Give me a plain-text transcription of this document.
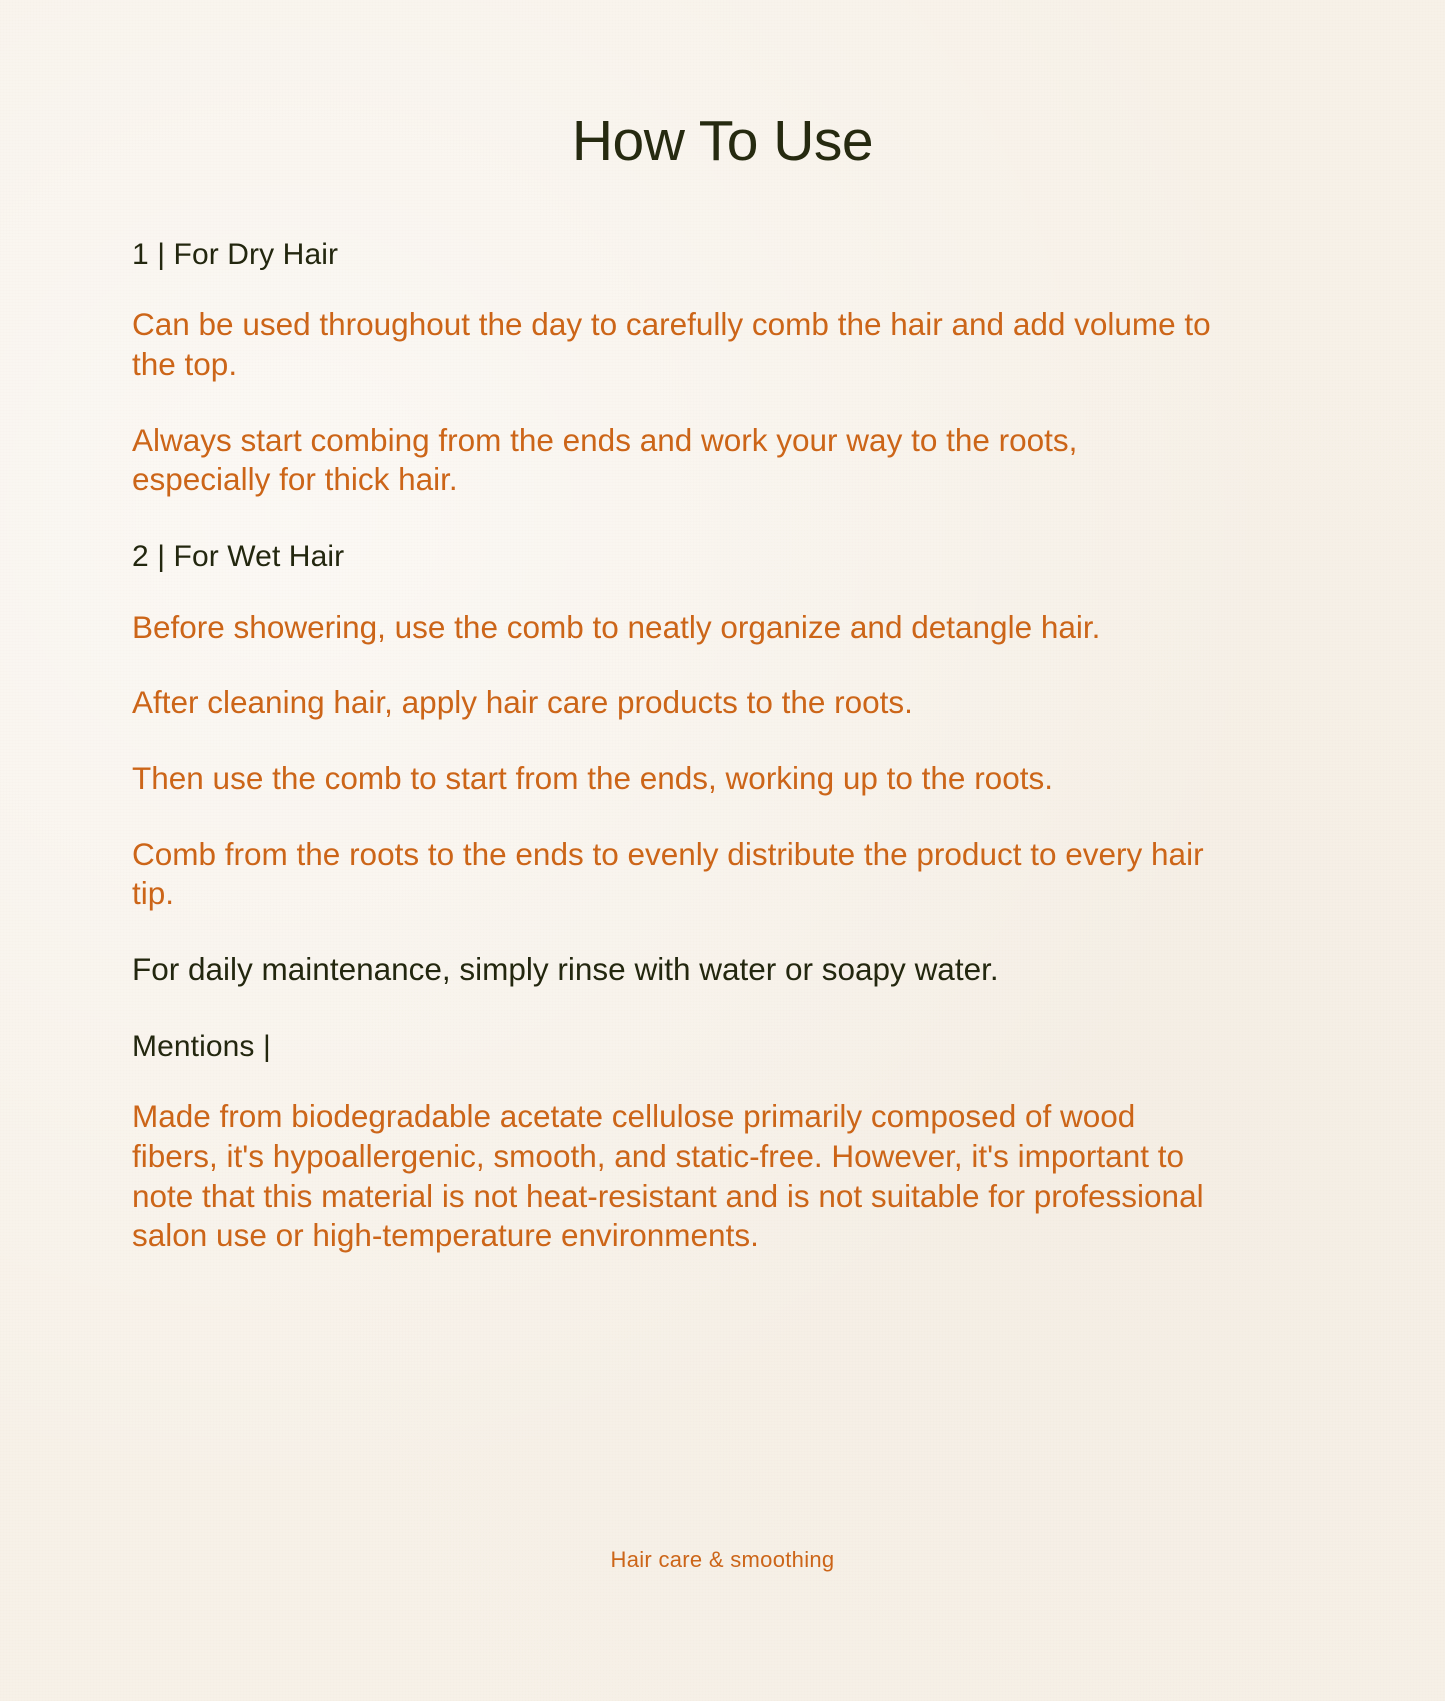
How To Use
1 | For Dry Hair

Can be used throughout the day to carefully comb the hair and add volume to the top.

Always start combing from the ends and work your way to the roots, especially for thick hair.

2 | For Wet Hair

Before showering, use the comb to neatly organize and detangle hair.

After cleaning hair, apply hair care products to the roots.

Then use the comb to start from the ends, working up to the roots.

Comb from the roots to the ends to evenly distribute the product to every hair tip.

For daily maintenance, simply rinse with water or soapy water.

Mentions |

Made from biodegradable acetate cellulose primarily composed of wood fibers, it's hypoallergenic, smooth, and static-free. However, it's important to note that this material is not heat-resistant and is not suitable for professional salon use or high-temperature environments.

Hair care & smoothing
